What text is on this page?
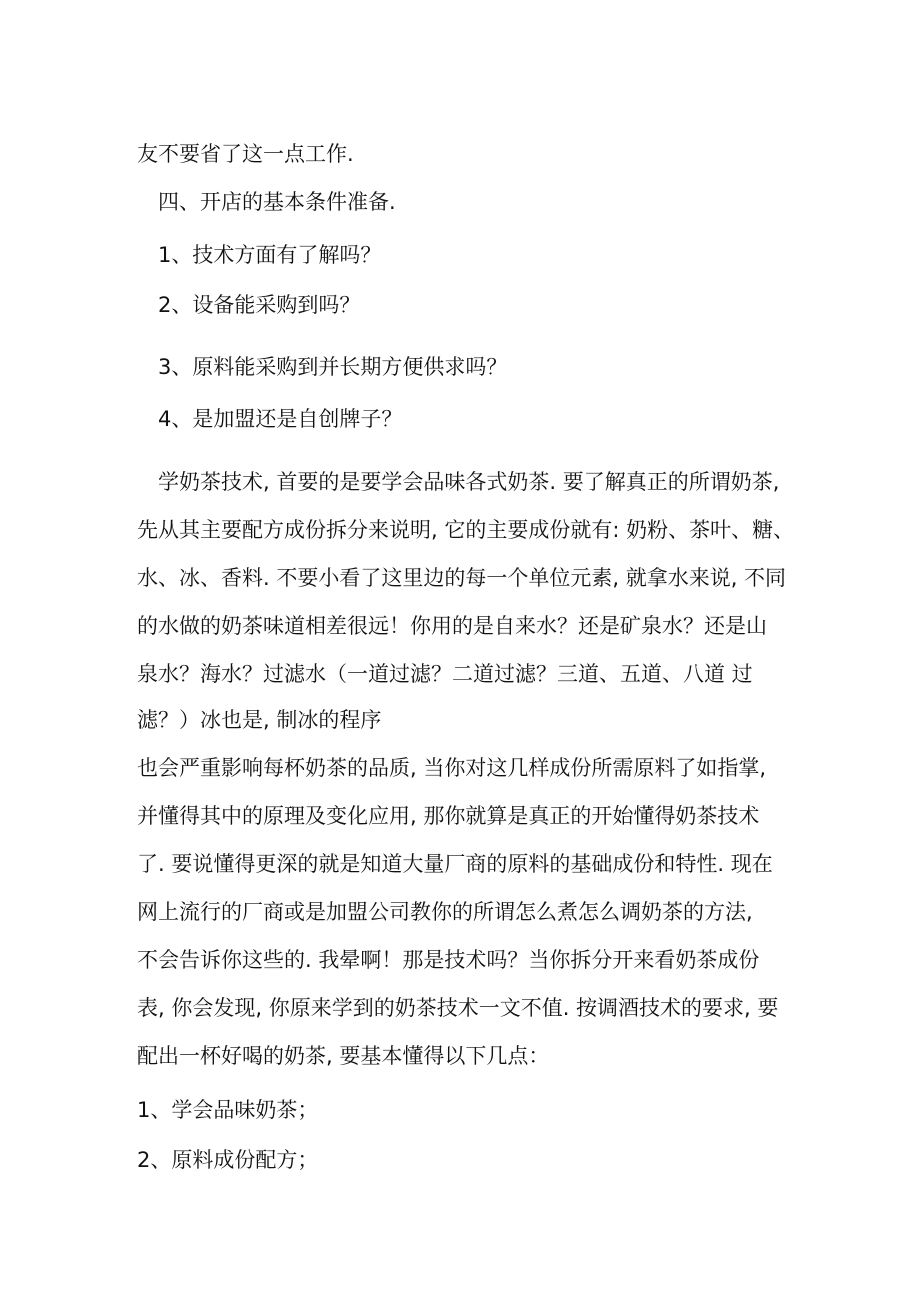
友不要省了这一点工作.

四、开店的基本条件准备.

1、技术方面有了解吗？

2、设备能采购到吗？

3、原料能采购到并长期方便供求吗？

4、是加盟还是自创牌子？

学奶茶技术, 首要的是要学会品味各式奶茶. 要了解真正的所谓奶茶,

先从其主要配方成份拆分来说明, 它的主要成份就有: 奶粉、茶叶、糖、

水、冰、香料. 不要小看了这里边的每一个单位元素, 就拿水来说, 不同

的水做的奶茶味道相差很远！你用的是自来水？还是矿泉水？还是山

泉水？海水？过滤水（一道过滤？二道过滤？三道、五道、八道 过

滤？）冰也是, 制冰的程序

也会严重影响每杯奶茶的品质, 当你对这几样成份所需原料了如指掌,

并懂得其中的原理及变化应用, 那你就算是真正的开始懂得奶茶技术

了. 要说懂得更深的就是知道大量厂商的原料的基础成份和特性. 现在

网上流行的厂商或是加盟公司教你的所谓怎么煮怎么调奶茶的方法,

不会告诉你这些的. 我晕啊！那是技术吗？当你拆分开来看奶茶成份

表, 你会发现, 你原来学到的奶茶技术一文不值. 按调酒技术的要求, 要

配出一杯好喝的奶茶, 要基本懂得以下几点：

1、学会品味奶茶；

2、原料成份配方；
